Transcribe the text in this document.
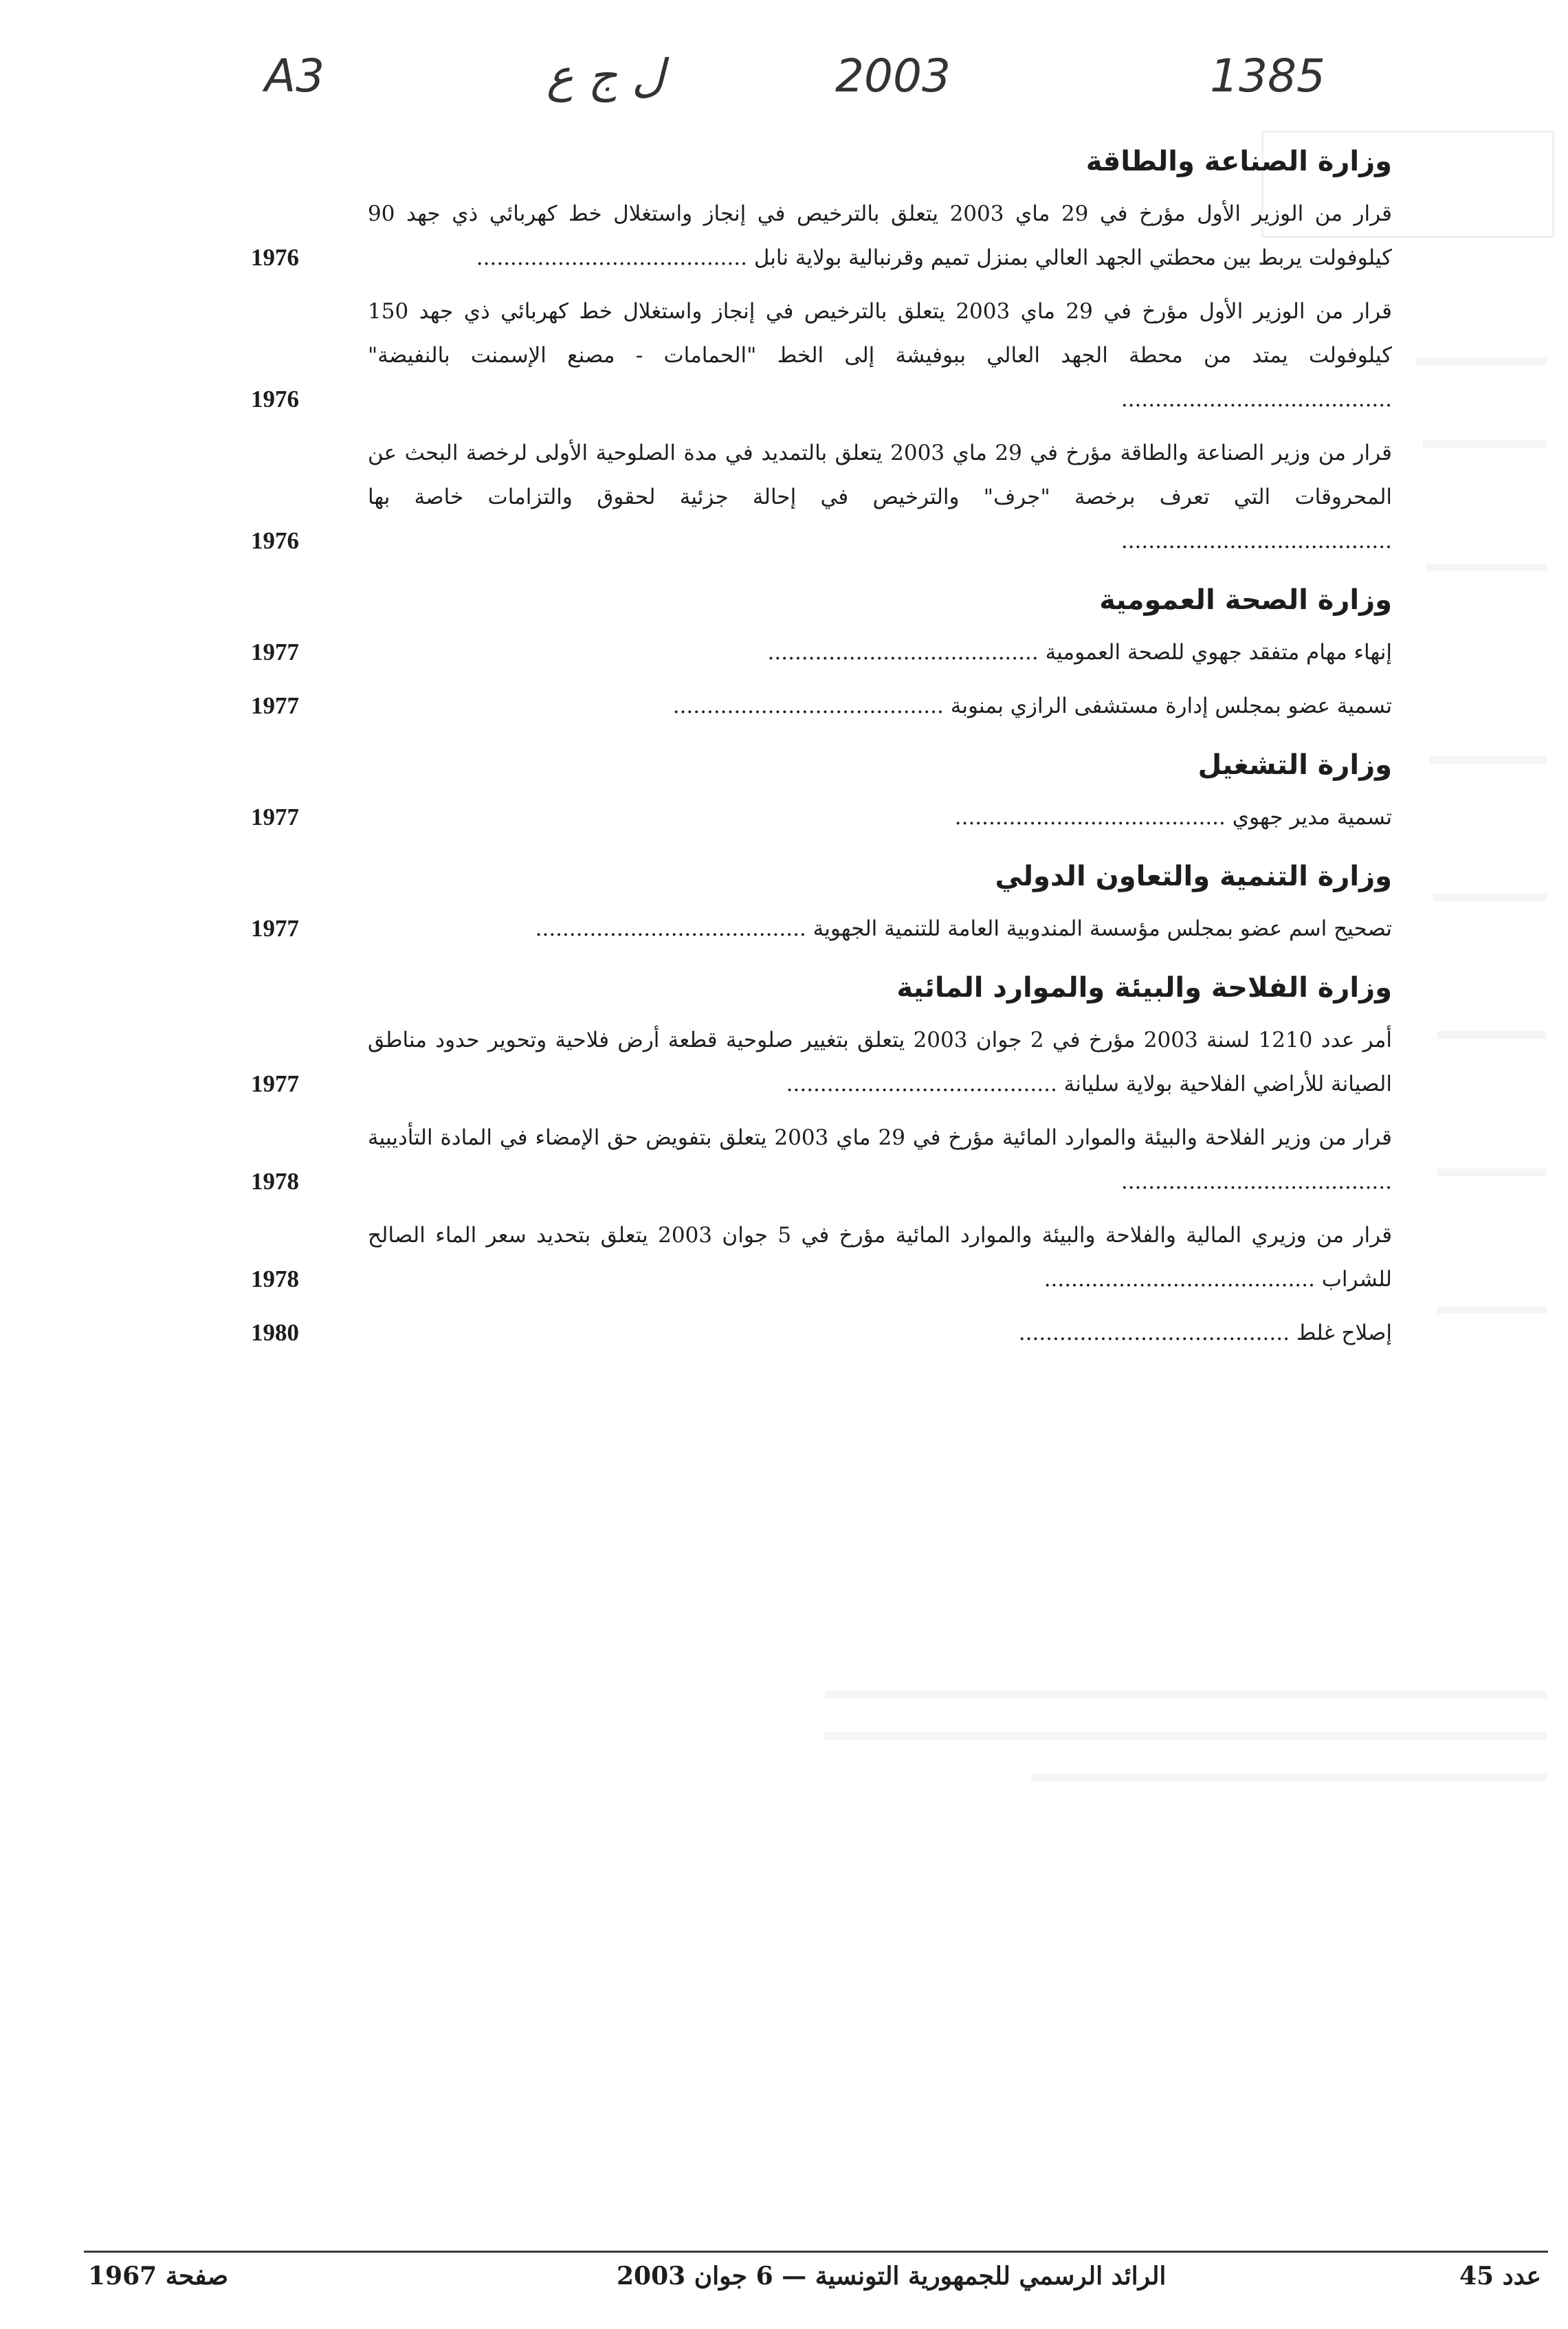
A3	ل ج ع	2003	1385
وزارة الصناعة والطاقة
قرار من الوزير الأول مؤرخ في 29 ماي 2003 يتعلق بالترخيص في إنجاز واستغلال خط كهربائي ذي جهد 90 كيلوفولت يربط بين محطتي الجهد العالي بمنزل تميم وقرنبالية بولاية نابل ........................................
1976
قرار من الوزير الأول مؤرخ في 29 ماي 2003 يتعلق بالترخيص في إنجاز واستغلال خط كهربائي ذي جهد 150 كيلوفولت يمتد من محطة الجهد العالي ببوفيشة إلى الخط "الحمامات - مصنع الإسمنت بالنفيضة" ........................................
1976
قرار من وزير الصناعة والطاقة مؤرخ في 29 ماي 2003 يتعلق بالتمديد في مدة الصلوحية الأولى لرخصة البحث عن المحروقات التي تعرف برخصة "جرف" والترخيص في إحالة جزئية لحقوق والتزامات خاصة بها ........................................
1976
وزارة الصحة العمومية
إنهاء مهام متفقد جهوي للصحة العمومية ........................................
1977
تسمية عضو بمجلس إدارة مستشفى الرازي بمنوبة ........................................
1977
وزارة التشغيل
تسمية مدير جهوي ........................................
1977
وزارة التنمية والتعاون الدولي
تصحيح اسم عضو بمجلس مؤسسة المندوبية العامة للتنمية الجهوية ........................................
1977
وزارة الفلاحة والبيئة والموارد المائية
أمر عدد 1210 لسنة 2003 مؤرخ في 2 جوان 2003 يتعلق بتغيير صلوحية قطعة أرض فلاحية وتحوير حدود مناطق الصيانة للأراضي الفلاحية بولاية سليانة ........................................
1977
قرار من وزير الفلاحة والبيئة والموارد المائية مؤرخ في 29 ماي 2003 يتعلق بتفويض حق الإمضاء في المادة التأديبية ........................................
1978
قرار من وزيري المالية والفلاحة والبيئة والموارد المائية مؤرخ في 5 جوان 2003 يتعلق بتحديد سعر الماء الصالح للشراب ........................................
1978
إصلاح غلط ........................................
1980
عدد 45
الرائد الرسمي للجمهورية التونسية — 6 جوان 2003
صفحة 1967
